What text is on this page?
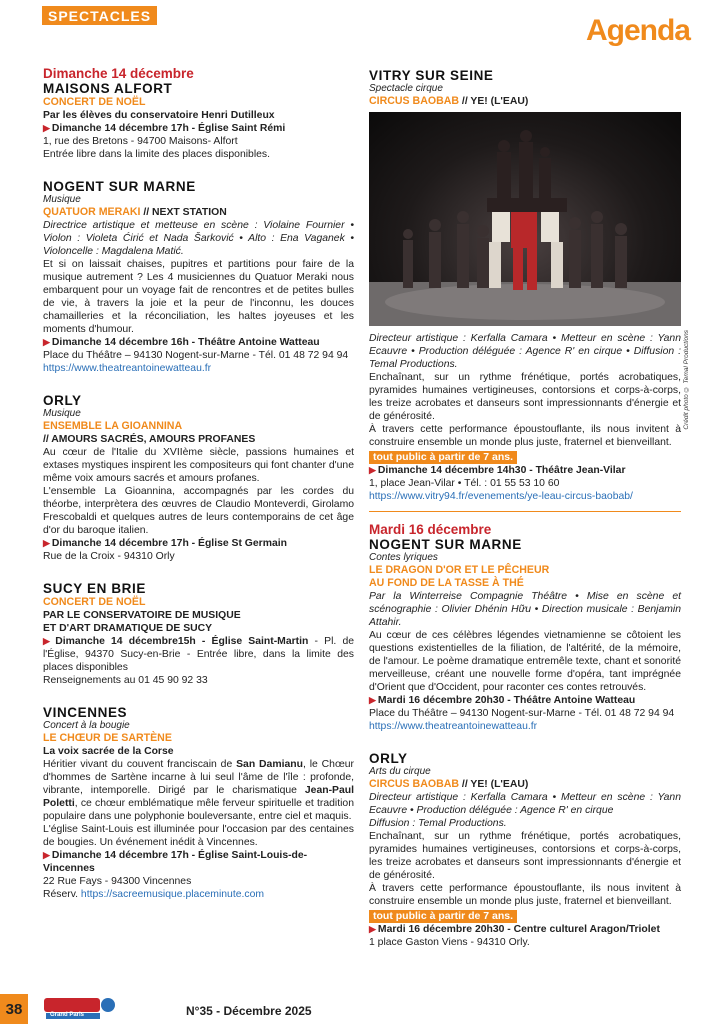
SPECTACLES	Agenda
Dimanche 14 décembre
MAISONS ALFORT
CONCERT DE NOËL
Par les élèves du conservatoire Henri Dutilleux
▶ Dimanche 14 décembre 17h - Église Saint Rémi
1, rue des Bretons - 94700 Maisons- Alfort
Entrée libre dans la limite des places disponibles.
NOGENT SUR MARNE
Musique
QUATUOR MERAKI // NEXT STATION
Directrice artistique et metteuse en scène : Violaine Fournier • Violon : Violeta Ćirić et Nada Šarković • Alto : Ena Vaganek • Violoncelle : Magdalena Matić.
Et si on laissait chaises, pupitres et partitions pour faire de la musique autrement ? Les 4 musiciennes du Quatuor Meraki nous embarquent pour un voyage fait de rencontres et de petites bulles de vie, à travers la joie et la peur de l'inconnu, les douces chamailleries et la réconciliation, les haltes joyeuses et les moments d'humour.
▶ Dimanche 14 décembre 16h - Théâtre Antoine Watteau
Place du Théâtre – 94130 Nogent-sur-Marne - Tél. 01 48 72 94 94
https://www.theatreantoinewatteau.fr
ORLY
Musique
ENSEMBLE LA GIOANNINA
// AMOURS SACRÉS, AMOURS PROFANES
Au cœur de l'Italie du XVIIème siècle, passions humaines et extases mystiques inspirent les compositeurs qui font chanter d'une même voix amours sacrés et amours profanes.
L'ensemble La Gioannina, accompagnés par les cordes du théorbe, interprètera des œuvres de Claudio Monteverdi, Girolamo Frescobaldi et quelques autres de leurs contemporains de cet âge d'or du baroque italien.
▶ Dimanche 14 décembre 17h - Église St Germain
Rue de la Croix - 94310 Orly
SUCY EN BRIE
CONCERT DE NOËL
PAR LE CONSERVATOIRE DE MUSIQUE
ET D'ART DRAMATIQUE DE SUCY
▶ Dimanche 14 décembre15h - Église Saint-Martin - Pl. de l'Église, 94370 Sucy-en-Brie - Entrée libre, dans la limite des places disponibles
Renseignements au 01 45 90 92 33
VINCENNES
Concert à la bougie
LE CHŒUR DE SARTÈNE
La voix sacrée de la Corse
Héritier vivant du couvent franciscain de San Damianu, le Chœur d'hommes de Sartène incarne à lui seul l'âme de l'île : profonde, vibrante, intemporelle. Dirigé par le charismatique Jean-Paul Poletti, ce chœur emblématique mêle ferveur spirituelle et tradition populaire dans une polyphonie bouleversante, entre ciel et maquis.
L'église Saint-Louis est illuminée pour l'occasion par des centaines de bougies. Un événement inédit à Vincennes.
▶ Dimanche 14 décembre 17h - Église Saint-Louis-de-Vincennes
22 Rue Fays - 94300 Vincennes
Réserv. https://sacreemusique.placeminute.com
VITRY SUR SEINE
Spectacle cirque
CIRCUS BAOBAB // YE! (L'EAU)
Directeur artistique : Kerfalla Camara • Metteur en scène : Yann Ecauvre • Production déléguée : Agence R' en cirque • Diffusion : Temal Productions.
Enchaînant, sur un rythme frénétique, portés acrobatiques, pyramides humaines vertigineuses, contorsions et corps-à-corps, les treize acrobates et danseurs sont impressionnants d'énergie et de générosité.
À travers cette performance époustouflante, ils nous invitent à construire ensemble un monde plus juste, fraternel et bienveillant.
tout public à partir de 7 ans.
▶ Dimanche 14 décembre 14h30 - Théâtre Jean-Vilar
1, place Jean-Vilar • Tél. : 01 55 53 10 60
https://www.vitry94.fr/evenements/ye-leau-circus-baobab/
Mardi 16 décembre
NOGENT SUR MARNE
Contes lyriques
LE DRAGON D'OR ET LE PÊCHEUR
AU FOND DE LA TASSE À THÉ
Par la Winterreise Compagnie Théâtre • Mise en scène et scénographie : Olivier Dhénin Hữu • Direction musicale : Benjamin Attahir.
Au cœur de ces célèbres légendes vietnamienne se côtoient les questions existentielles de la filiation, de l'altérité, de la mémoire, de l'amour. Le poème dramatique entremêle texte, chant et sonorité merveilleuse, créant une nouvelle forme d'opéra, tant imprégnée d'Orient que d'Occident, pour raconter ces contes retrouvés.
▶ Mardi 16 décembre 20h30 - Théâtre Antoine Watteau
Place du Théâtre – 94130 Nogent-sur-Marne - Tél. 01 48 72 94 94
https://www.theatreantoinewatteau.fr
ORLY
Arts du cirque
CIRCUS BAOBAB // YE! (L'EAU)
Directeur artistique : Kerfalla Camara • Metteur en scène : Yann Ecauvre • Production déléguée : Agence R' en cirque
Diffusion : Temal Productions.
Enchaînant, sur un rythme frénétique, portés acrobatiques, pyramides humaines vertigineuses, contorsions et corps-à-corps, les treize acrobates et danseurs sont impressionnants d'énergie et de générosité.
À travers cette performance époustouflante, ils nous invitent à construire ensemble un monde plus juste, fraternel et bienveillant.
tout public à partir de 7 ans.
▶ Mardi 16 décembre 20h30 - Centre culturel Aragon/Triolet
1 place Gaston Viens - 94310 Orly.
Crédit photo © Temal Productions
38	Grand Paris	N°35 - Décembre 2025
